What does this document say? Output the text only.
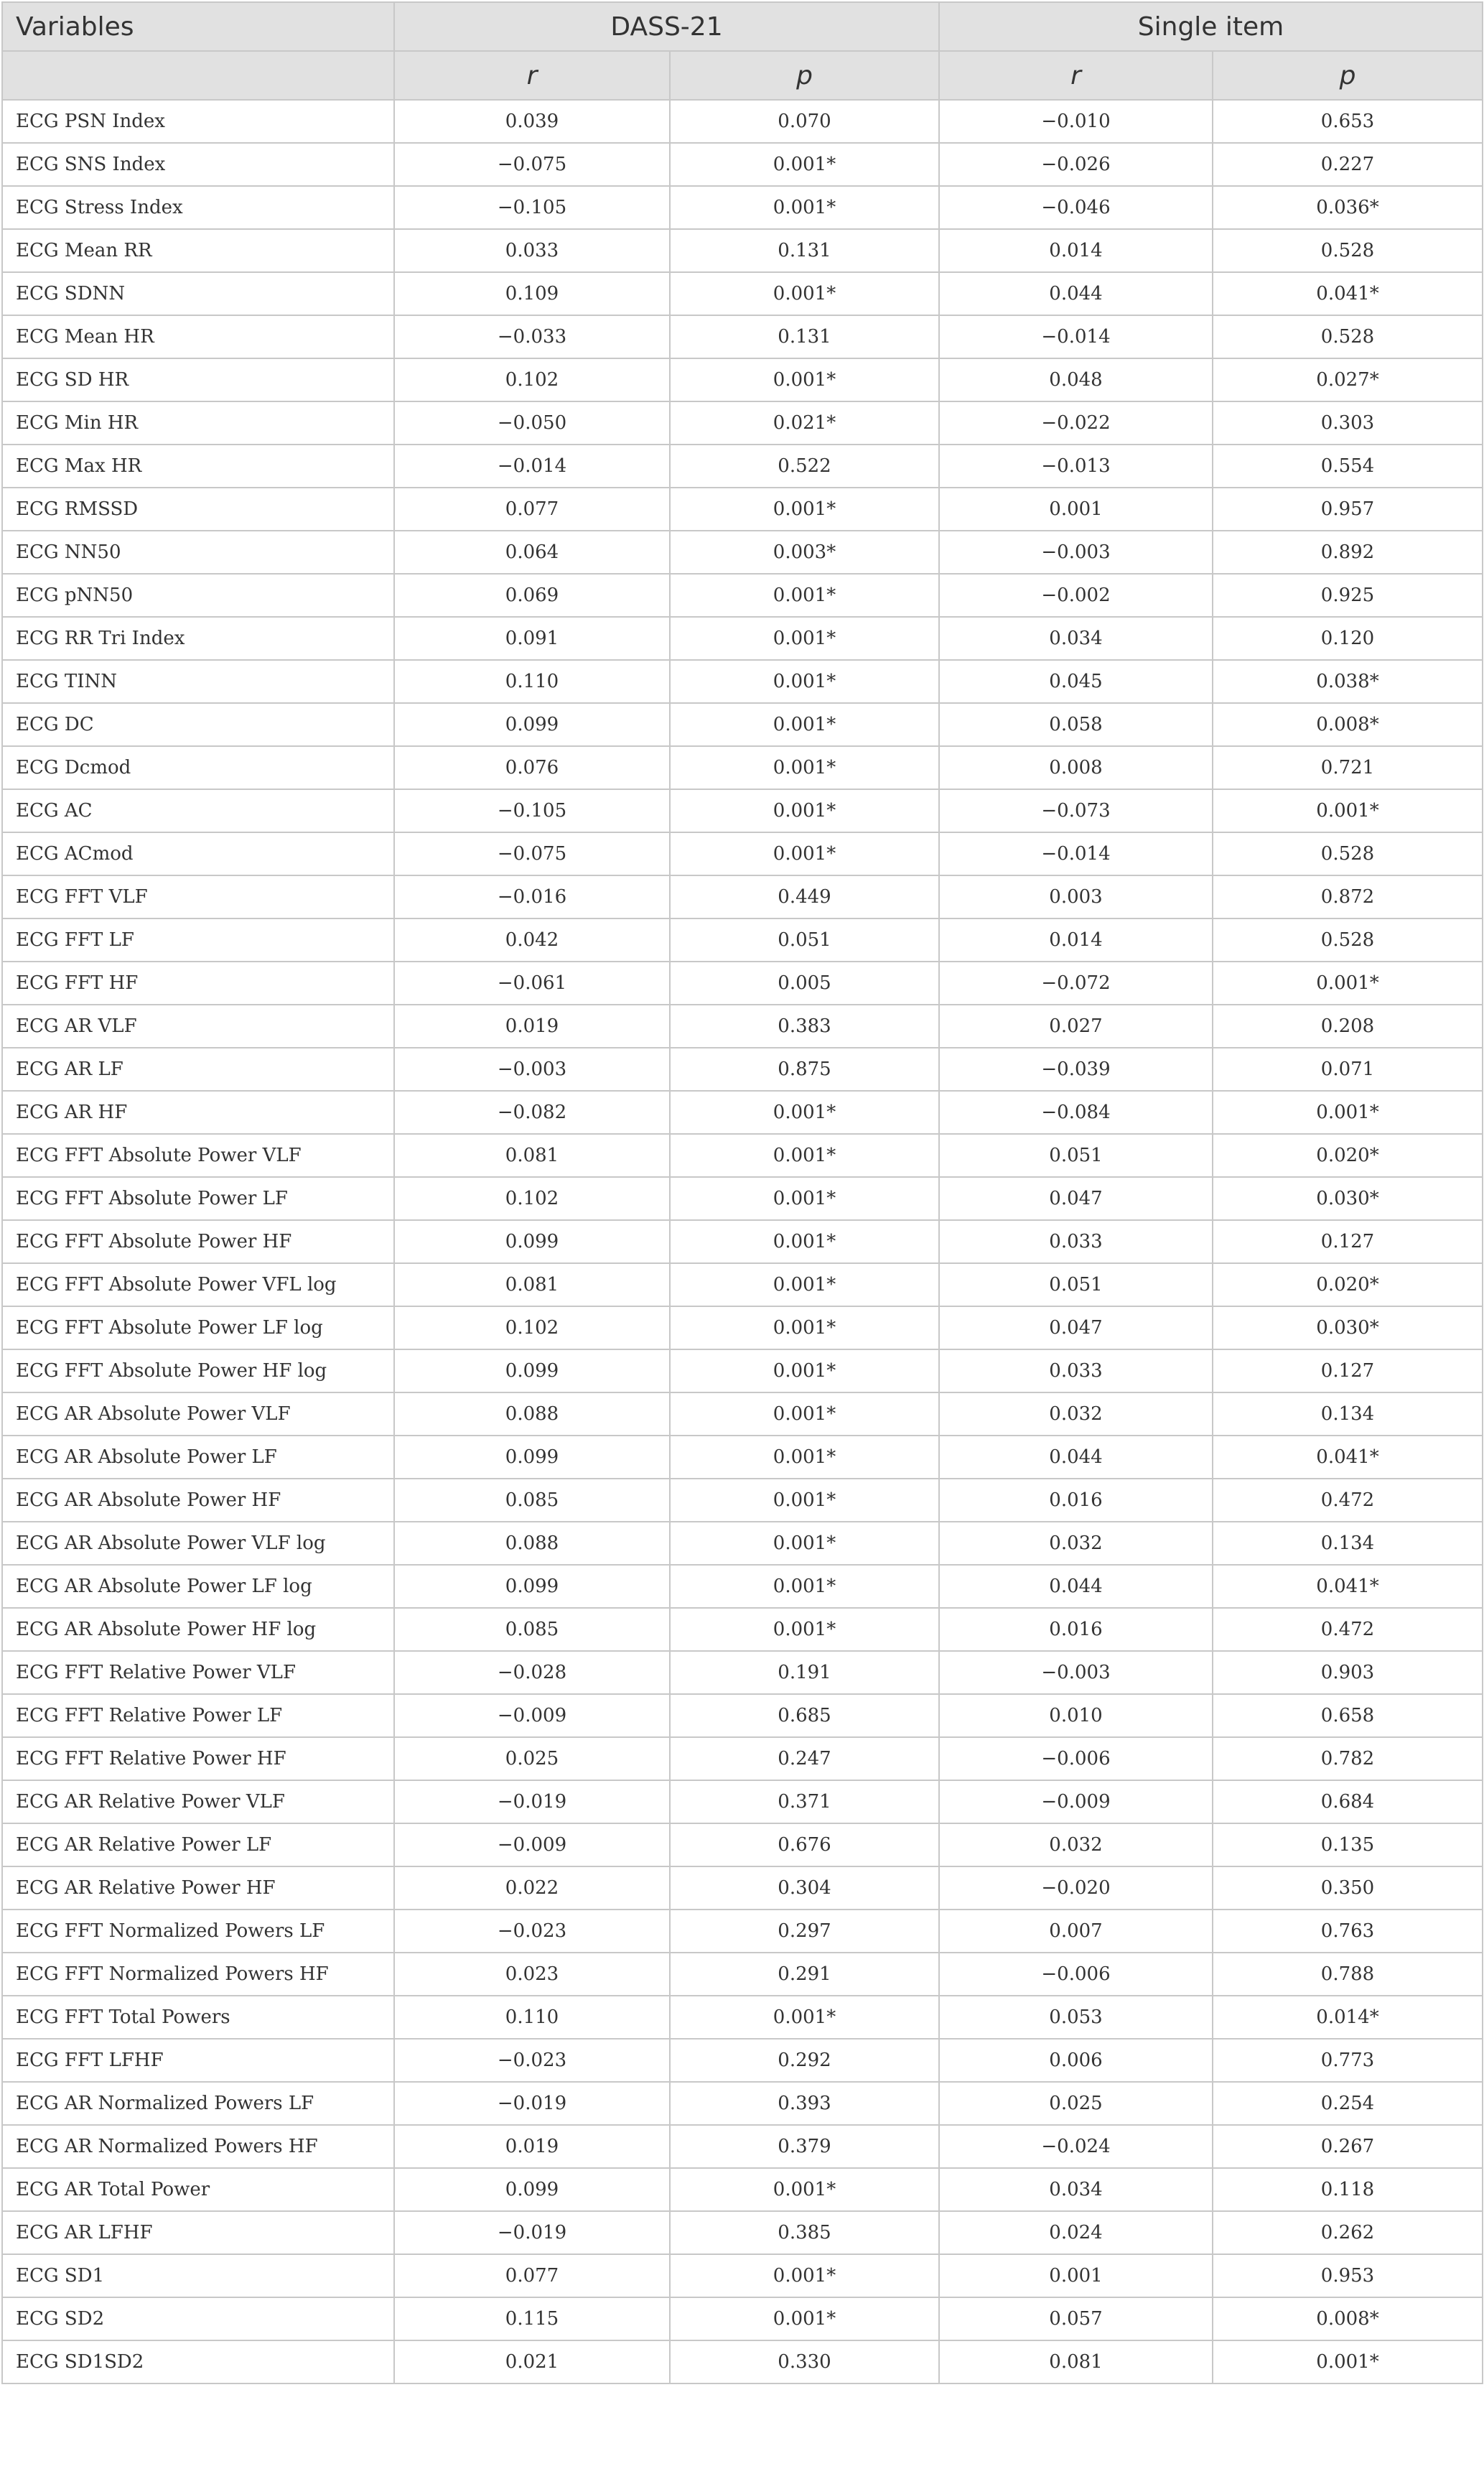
Variables	DASS-21		Single item	
	r	p	r	p
ECG PSN Index	0.039	0.070	−0.010	0.653
ECG SNS Index	−0.075	0.001*	−0.026	0.227
ECG Stress Index	−0.105	0.001*	−0.046	0.036*
ECG Mean RR	0.033	0.131	0.014	0.528
ECG SDNN	0.109	0.001*	0.044	0.041*
ECG Mean HR	−0.033	0.131	−0.014	0.528
ECG SD HR	0.102	0.001*	0.048	0.027*
ECG Min HR	−0.050	0.021*	−0.022	0.303
ECG Max HR	−0.014	0.522	−0.013	0.554
ECG RMSSD	0.077	0.001*	0.001	0.957
ECG NN50	0.064	0.003*	−0.003	0.892
ECG pNN50	0.069	0.001*	−0.002	0.925
ECG RR Tri Index	0.091	0.001*	0.034	0.120
ECG TINN	0.110	0.001*	0.045	0.038*
ECG DC	0.099	0.001*	0.058	0.008*
ECG Dcmod	0.076	0.001*	0.008	0.721
ECG AC	−0.105	0.001*	−0.073	0.001*
ECG ACmod	−0.075	0.001*	−0.014	0.528
ECG FFT VLF	−0.016	0.449	0.003	0.872
ECG FFT LF	0.042	0.051	0.014	0.528
ECG FFT HF	−0.061	0.005	−0.072	0.001*
ECG AR VLF	0.019	0.383	0.027	0.208
ECG AR LF	−0.003	0.875	−0.039	0.071
ECG AR HF	−0.082	0.001*	−0.084	0.001*
ECG FFT Absolute Power VLF	0.081	0.001*	0.051	0.020*
ECG FFT Absolute Power LF	0.102	0.001*	0.047	0.030*
ECG FFT Absolute Power HF	0.099	0.001*	0.033	0.127
ECG FFT Absolute Power VFL log	0.081	0.001*	0.051	0.020*
ECG FFT Absolute Power LF log	0.102	0.001*	0.047	0.030*
ECG FFT Absolute Power HF log	0.099	0.001*	0.033	0.127
ECG AR Absolute Power VLF	0.088	0.001*	0.032	0.134
ECG AR Absolute Power LF	0.099	0.001*	0.044	0.041*
ECG AR Absolute Power HF	0.085	0.001*	0.016	0.472
ECG AR Absolute Power VLF log	0.088	0.001*	0.032	0.134
ECG AR Absolute Power LF log	0.099	0.001*	0.044	0.041*
ECG AR Absolute Power HF log	0.085	0.001*	0.016	0.472
ECG FFT Relative Power VLF	−0.028	0.191	−0.003	0.903
ECG FFT Relative Power LF	−0.009	0.685	0.010	0.658
ECG FFT Relative Power HF	0.025	0.247	−0.006	0.782
ECG AR Relative Power VLF	−0.019	0.371	−0.009	0.684
ECG AR Relative Power LF	−0.009	0.676	0.032	0.135
ECG AR Relative Power HF	0.022	0.304	−0.020	0.350
ECG FFT Normalized Powers LF	−0.023	0.297	0.007	0.763
ECG FFT Normalized Powers HF	0.023	0.291	−0.006	0.788
ECG FFT Total Powers	0.110	0.001*	0.053	0.014*
ECG FFT LFHF	−0.023	0.292	0.006	0.773
ECG AR Normalized Powers LF	−0.019	0.393	0.025	0.254
ECG AR Normalized Powers HF	0.019	0.379	−0.024	0.267
ECG AR Total Power	0.099	0.001*	0.034	0.118
ECG AR LFHF	−0.019	0.385	0.024	0.262
ECG SD1	0.077	0.001*	0.001	0.953
ECG SD2	0.115	0.001*	0.057	0.008*
ECG SD1SD2	0.021	0.330	0.081	0.001*
